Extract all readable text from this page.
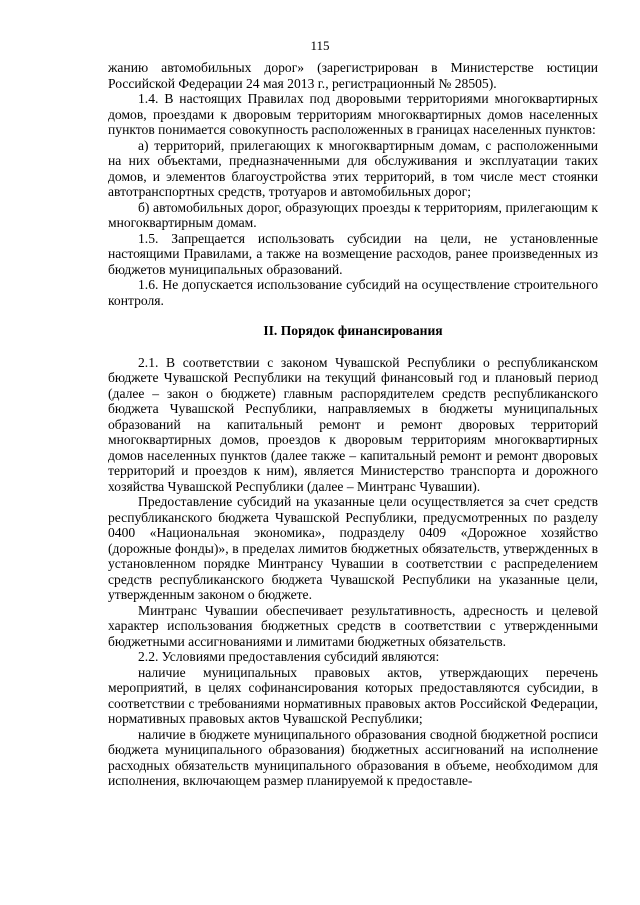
115

жанию автомобильных дорог» (зарегистрирован в Министерстве юстиции Российской Федерации 24 мая 2013 г., регистрационный № 28505).

1.4. В настоящих Правилах под дворовыми территориями многоквартирных домов, проездами к дворовым территориям многоквартирных домов населенных пунктов понимается совокупность расположенных в границах населенных пунктов:

а) территорий, прилегающих к многоквартирным домам, с расположенными на них объектами, предназначенными для обслуживания и эксплуатации таких домов, и элементов благоустройства этих территорий, в том числе мест стоянки автотранспортных средств, тротуаров и автомобильных дорог;

б) автомобильных дорог, образующих проезды к территориям, прилегающим к многоквартирным домам.

1.5. Запрещается использовать субсидии на цели, не установленные настоящими Правилами, а также на возмещение расходов, ранее произведенных из бюджетов муниципальных образований.

1.6. Не допускается использование субсидий на осуществление строительного контроля.

II. Порядок финансирования

2.1. В соответствии с законом Чувашской Республики о республиканском бюджете Чувашской Республики на текущий финансовый год и плановый период (далее – закон о бюджете) главным распорядителем средств республиканского бюджета Чувашской Республики, направляемых в бюджеты муниципальных образований на капитальный ремонт и ремонт дворовых территорий многоквартирных домов, проездов к дворовым территориям многоквартирных домов населенных пунктов (далее также – капитальный ремонт и ремонт дворовых территорий и проездов к ним), является Министерство транспорта и дорожного хозяйства Чувашской Республики (далее – Минтранс Чувашии).

Предоставление субсидий на указанные цели осуществляется за счет средств республиканского бюджета Чувашской Республики, предусмотренных по разделу 0400 «Национальная экономика», подразделу 0409 «Дорожное хозяйство (дорожные фонды)», в пределах лимитов бюджетных обязательств, утвержденных в установленном порядке Минтрансу Чувашии в соответствии с распределением средств республиканского бюджета Чувашской Республики на указанные цели, утвержденным законом о бюджете.

Минтранс Чувашии обеспечивает результативность, адресность и целевой характер использования бюджетных средств в соответствии с утвержденными бюджетными ассигнованиями и лимитами бюджетных обязательств.

2.2. Условиями предоставления субсидий являются:

наличие муниципальных правовых актов, утверждающих перечень мероприятий, в целях софинансирования которых предоставляются субсидии, в соответствии с требованиями нормативных правовых актов Российской Федерации, нормативных правовых актов Чувашской Республики;

наличие в бюджете муниципального образования сводной бюджетной росписи бюджета муниципального образования) бюджетных ассигнований на исполнение расходных обязательств муниципального образования в объеме, необходимом для исполнения, включающем размер планируемой к предоставле-
